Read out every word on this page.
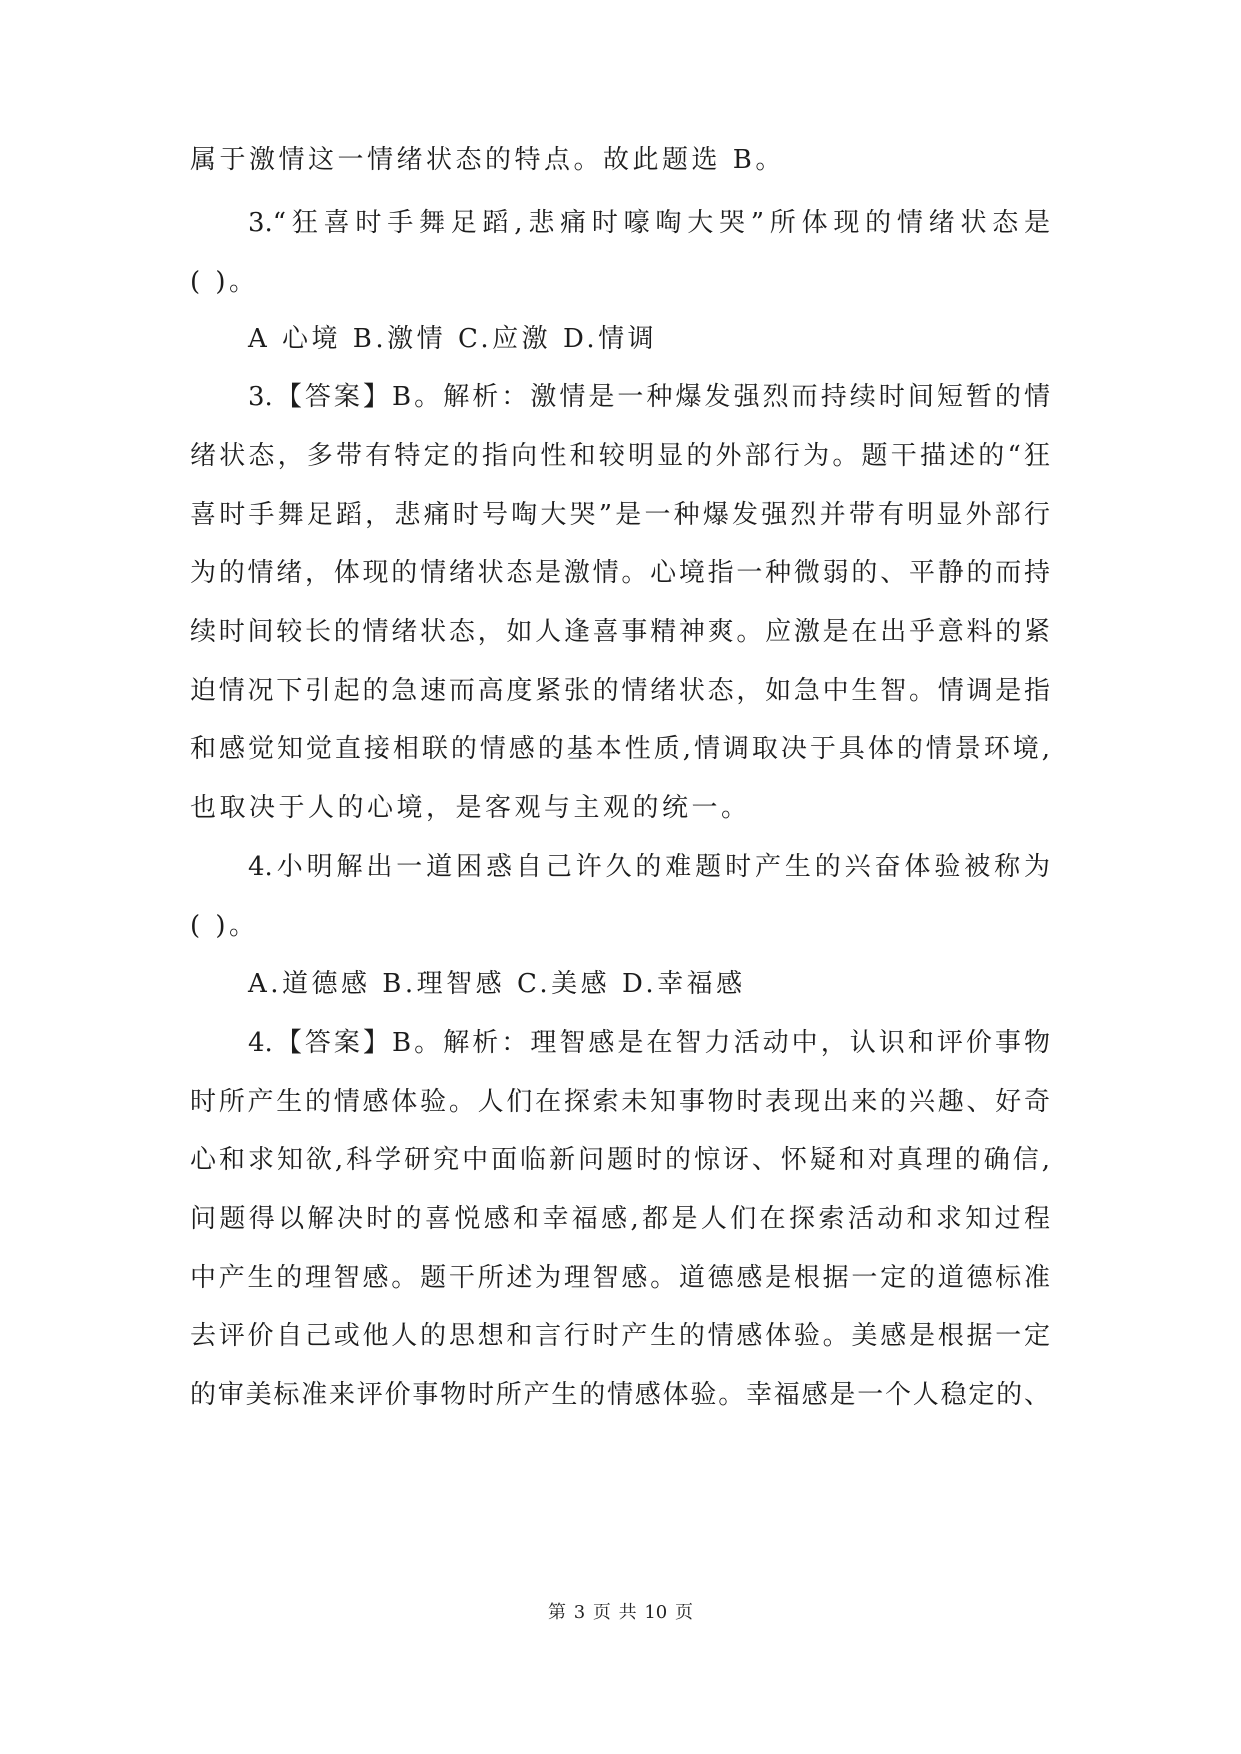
属于激情这一情绪状态的特点。故此题选 B。
3.“狂喜时手舞足蹈,悲痛时嚎啕大哭”所体现的情绪状态是
( )。
A 心境 B.激情 C.应激 D.情调
3.【答案】B。解析：激情是一种爆发强烈而持续时间短暂的情
绪状态，多带有特定的指向性和较明显的外部行为。题干描述的“狂
喜时手舞足蹈，悲痛时号啕大哭”是一种爆发强烈并带有明显外部行
为的情绪，体现的情绪状态是激情。心境指一种微弱的、平静的而持
续时间较长的情绪状态，如人逢喜事精神爽。应激是在出乎意料的紧
迫情况下引起的急速而高度紧张的情绪状态，如急中生智。情调是指
和感觉知觉直接相联的情感的基本性质,情调取决于具体的情景环境,
也取决于人的心境，是客观与主观的统一。
4.小明解出一道困惑自己许久的难题时产生的兴奋体验被称为
( )。
A.道德感 B.理智感 C.美感 D.幸福感
4.【答案】B。解析：理智感是在智力活动中，认识和评价事物
时所产生的情感体验。人们在探索未知事物时表现出来的兴趣、好奇
心和求知欲,科学研究中面临新问题时的惊讶、怀疑和对真理的确信,
问题得以解决时的喜悦感和幸福感,都是人们在探索活动和求知过程
中产生的理智感。题干所述为理智感。道德感是根据一定的道德标准
去评价自己或他人的思想和言行时产生的情感体验。美感是根据一定
的审美标准来评价事物时所产生的情感体验。幸福感是一个人稳定的、
第 3 页 共 10 页
